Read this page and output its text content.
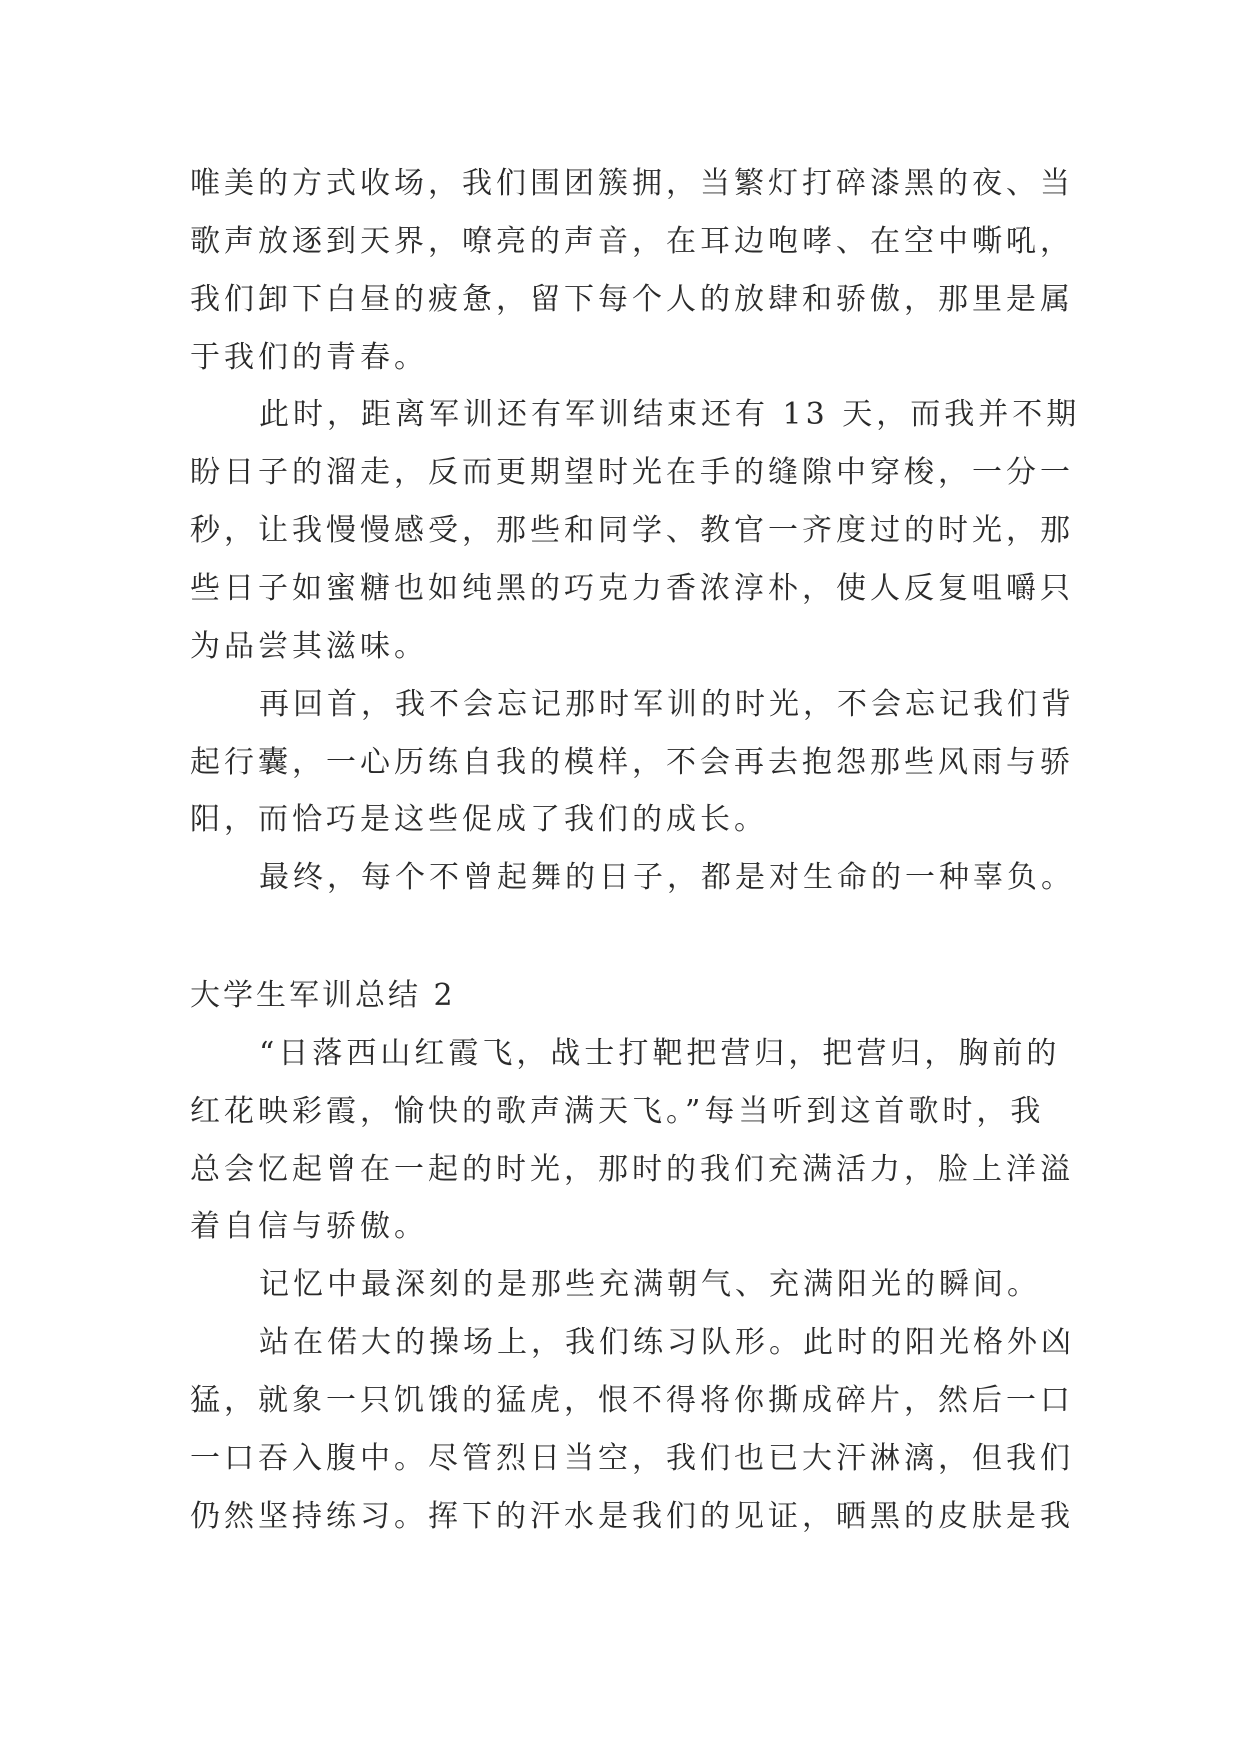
唯美的方式收场，我们围团簇拥，当繁灯打碎漆黑的夜、当

歌声放逐到天界，嘹亮的声音，在耳边咆哮、在空中嘶吼，

我们卸下白昼的疲惫，留下每个人的放肆和骄傲，那里是属

于我们的青春。

此时，距离军训还有军训结束还有 13 天，而我并不期

盼日子的溜走，反而更期望时光在手的缝隙中穿梭，一分一

秒，让我慢慢感受，那些和同学、教官一齐度过的时光，那

些日子如蜜糖也如纯黑的巧克力香浓淳朴，使人反复咀嚼只

为品尝其滋味。

再回首，我不会忘记那时军训的时光，不会忘记我们背

起行囊，一心历练自我的模样，不会再去抱怨那些风雨与骄

阳，而恰巧是这些促成了我们的成长。

最终，每个不曾起舞的日子，都是对生命的一种辜负。

大学生军训总结 2

“日落西山红霞飞，战士打靶把营归，把营归，胸前的

红花映彩霞，愉快的歌声满天飞。”每当听到这首歌时，我

总会忆起曾在一起的时光，那时的我们充满活力，脸上洋溢

着自信与骄傲。

记忆中最深刻的是那些充满朝气、充满阳光的瞬间。

站在偌大的操场上，我们练习队形。此时的阳光格外凶

猛，就象一只饥饿的猛虎，恨不得将你撕成碎片，然后一口

一口吞入腹中。尽管烈日当空，我们也已大汗淋漓，但我们

仍然坚持练习。挥下的汗水是我们的见证，晒黑的皮肤是我
